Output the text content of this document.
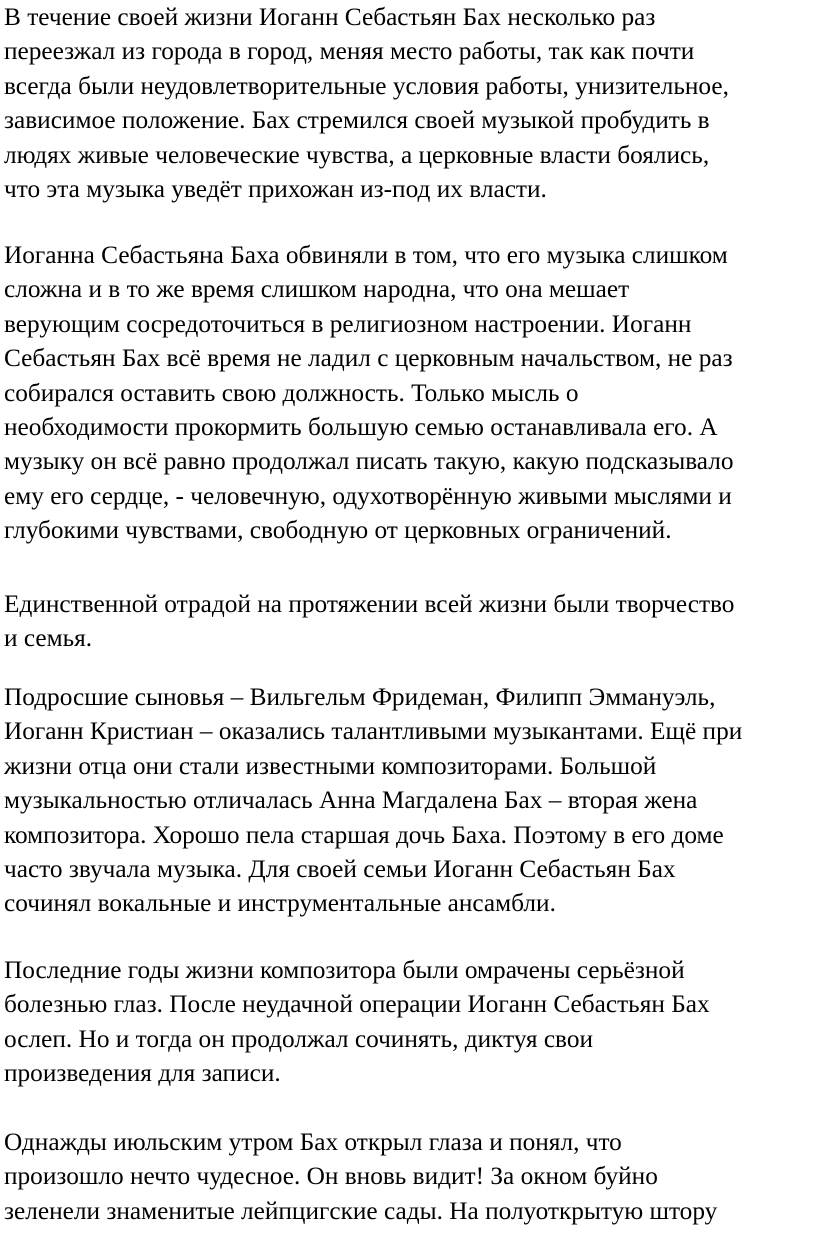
В течение своей жизни Иоганн Себастьян Бах несколько раз
переезжал из города в город, меняя место работы, так как почти
всегда были неудовлетворительные условия работы, унизительное,
зависимое положение. Бах стремился своей музыкой пробудить в
людях живые человеческие чувства, а церковные власти боялись,
что эта музыка уведёт прихожан из-под их власти.

Иоганна Себастьяна Баха обвиняли в том, что его музыка слишком
сложна и в то же время слишком народна, что она мешает
верующим сосредоточиться в религиозном настроении. Иоганн
Себастьян Бах всё время не ладил с церковным начальством, не раз
собирался оставить свою должность. Только мысль о
необходимости прокормить большую семью останавливала его. А
музыку он всё равно продолжал писать такую, какую подсказывало
ему его сердце, - человечную, одухотворённую живыми мыслями и
глубокими чувствами, свободную от церковных ограничений.

Единственной отрадой на протяжении всей жизни были творчество
и семья.

Подросшие сыновья – Вильгельм Фридеман, Филипп Эммануэль,
Иоганн Кристиан – оказались талантливыми музыкантами. Ещё при
жизни отца они стали известными композиторами. Большой
музыкальностью отличалась Анна Магдалена Бах – вторая жена
композитора. Хорошо пела старшая дочь Баха. Поэтому в его доме
часто звучала музыка. Для своей семьи Иоганн Себастьян Бах
сочинял вокальные и инструментальные ансамбли.

Последние годы жизни композитора были омрачены серьёзной
болезнью глаз. После неудачной операции Иоганн Себастьян Бах
ослеп. Но и тогда он продолжал сочинять, диктуя свои
произведения для записи.

Однажды июльским утром Бах открыл глаза и понял, что
произошло нечто чудесное. Он вновь видит! За окном буйно
зеленели знаменитые лейпцигские сады. На полуоткрытую штору
